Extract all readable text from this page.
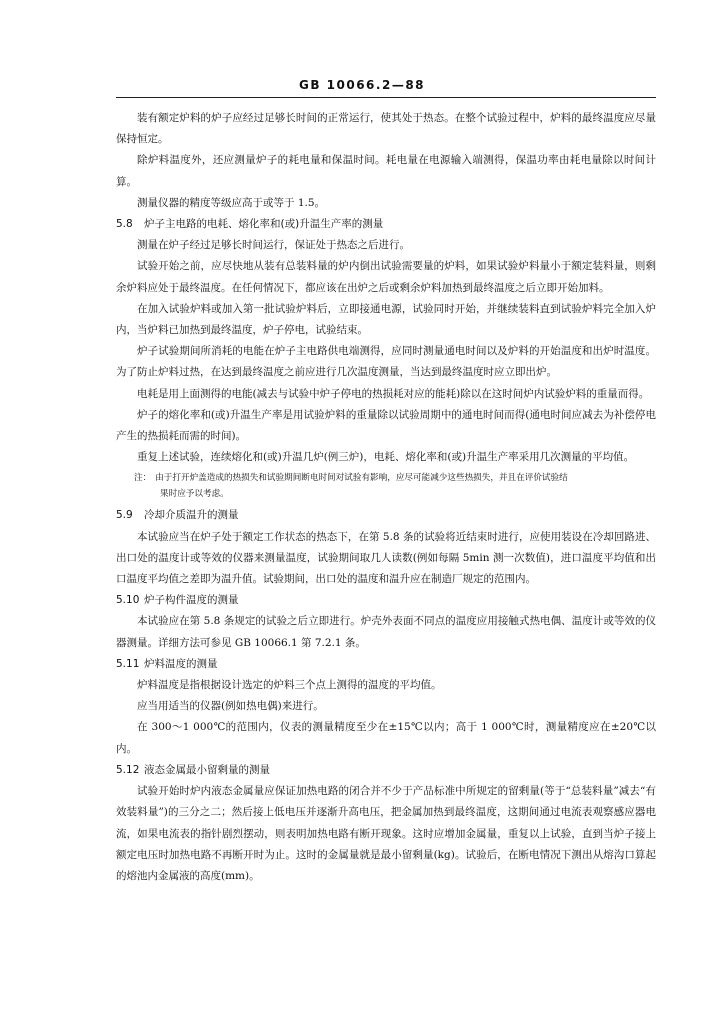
GB 10066.2—88

装有额定炉料的炉子应经过足够长时间的正常运行，使其处于热态。在整个试验过程中，炉料的最终温度应尽量保持恒定。

除炉料温度外，还应测量炉子的耗电量和保温时间。耗电量在电源输入端测得，保温功率由耗电量除以时间计算。

测量仪器的精度等级应高于或等于 1.5。

5.8 炉子主电路的电耗、熔化率和(或)升温生产率的测量

测量在炉子经过足够长时间运行，保证处于热态之后进行。

试验开始之前，应尽快地从装有总装料量的炉内倒出试验需要量的炉料，如果试验炉料量小于额定装料量，则剩余炉料应处于最终温度。在任何情况下，都应该在出炉之后或剩余炉料加热到最终温度之后立即开始加料。

在加入试验炉料或加入第一批试验炉料后，立即接通电源，试验同时开始，并继续装料直到试验炉料完全加入炉内，当炉料已加热到最终温度，炉子停电，试验结束。

炉子试验期间所消耗的电能在炉子主电路供电端测得，应同时测量通电时间以及炉料的开始温度和出炉时温度。为了防止炉料过热，在达到最终温度之前应进行几次温度测量，当达到最终温度时应立即出炉。

电耗是用上面测得的电能(减去与试验中炉子停电的热损耗对应的能耗)除以在这时间炉内试验炉料的重量而得。

炉子的熔化率和(或)升温生产率是用试验炉料的重量除以试验周期中的通电时间而得(通电时间应减去为补偿停电产生的热损耗而需的时间)。

重复上述试验，连续熔化和(或)升温几炉(例三炉)，电耗、熔化率和(或)升温生产率采用几次测量的平均值。

注： 由于打开炉盖造成的热损失和试验期间断电时间对试验有影响，应尽可能减少这些热损失，并且在评价试验结
果时应予以考虑。
5.9 冷却介质温升的测量

本试验应当在炉子处于额定工作状态的热态下，在第 5.8 条的试验将近结束时进行，应使用装设在冷却回路进、出口处的温度计或等效的仪器来测量温度，试验期间取几人读数(例如每隔 5min 测一次数值)，进口温度平均值和出口温度平均值之差即为温升值。试验期间，出口处的温度和温升应在制造厂规定的范围内。

5.10 炉子构件温度的测量

本试验应在第 5.8 条规定的试验之后立即进行。炉壳外表面不同点的温度应用接触式热电偶、温度计或等效的仪器测量。详细方法可参见 GB 10066.1 第 7.2.1 条。

5.11 炉料温度的测量

炉料温度是指根据设计选定的炉料三个点上测得的温度的平均值。

应当用适当的仪器(例如热电偶)来进行。

在 300～1 000℃的范围内，仪表的测量精度至少在±15℃以内；高于 1 000℃时，测量精度应在±20℃以内。

5.12 液态金属最小留剩量的测量

试验开始时炉内液态金属量应保证加热电路的闭合并不少于产品标准中所规定的留剩量(等于“总装料量”减去“有效装料量”)的三分之二；然后接上低电压并逐渐升高电压，把金属加热到最终温度，这期间通过电流表观察感应器电流，如果电流表的指针剧烈摆动，则表明加热电路有断开现象。这时应增加金属量，重复以上试验，直到当炉子接上额定电压时加热电路不再断开时为止。这时的金属量就是最小留剩量(kg)。试验后，在断电情况下测出从熔沟口算起的熔池内金属液的高度(mm)。
